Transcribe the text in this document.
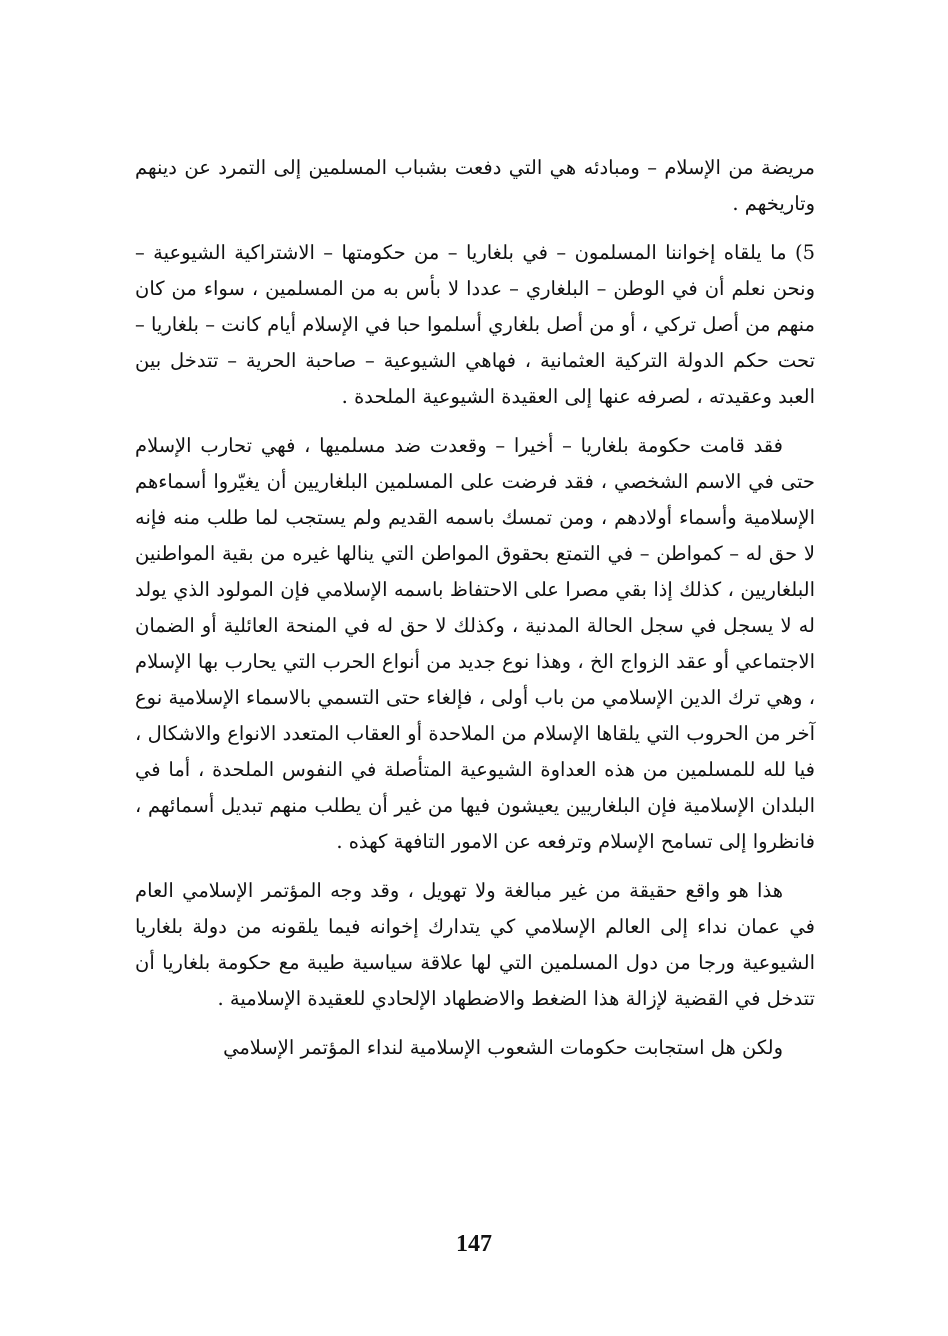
مريضة من الإسلام – ومبادئه هي التي دفعت بشباب المسلمين إلى التمرد عن دينهم وتاريخهم .

5) ما يلقاه إخواننا المسلمون – في بلغاريا – من حكومتها – الاشتراكية الشيوعية – ونحن نعلم أن في الوطن – البلغاري – عددا لا بأس به من المسلمين ، سواء من كان منهم من أصل تركي ، أو من أصل بلغاري أسلموا حبا في الإسلام أيام كانت – بلغاريا – تحت حكم الدولة التركية العثمانية ، فهاهي الشيوعية – صاحبة الحرية – تتدخل بين العبد وعقيدته ، لصرفه عنها إلى العقيدة الشيوعية الملحدة .

فقد قامت حكومة بلغاريا – أخيرا – وقعدت ضد مسلميها ، فهي تحارب الإسلام حتى في الاسم الشخصي ، فقد فرضت على المسلمين البلغاريين أن يغيّروا أسماءهم الإسلامية وأسماء أولادهم ، ومن تمسك باسمه القديم ولم يستجب لما طلب منه فإنه لا حق له – كمواطن – في التمتع بحقوق المواطن التي ينالها غيره من بقية المواطنين البلغاريين ، كذلك إذا بقي مصرا على الاحتفاظ باسمه الإسلامي فإن المولود الذي يولد له لا يسجل في سجل الحالة المدنية ، وكذلك لا حق له في المنحة العائلية أو الضمان الاجتماعي أو عقد الزواج الخ ، وهذا نوع جديد من أنواع الحرب التي يحارب بها الإسلام ، وهي ترك الدين الإسلامي من باب أولى ، فإلغاء حتى التسمي بالاسماء الإسلامية نوع آخر من الحروب التي يلقاها الإسلام من الملاحدة أو العقاب المتعدد الانواع والاشكال ، فيا لله للمسلمين من هذه العداوة الشيوعية المتأصلة في النفوس الملحدة ، أما في البلدان الإسلامية فإن البلغاريين يعيشون فيها من غير أن يطلب منهم تبديل أسمائهم ، فانظروا إلى تسامح الإسلام وترفعه عن الامور التافهة كهذه .

هذا هو واقع حقيقة من غير مبالغة ولا تهويل ، وقد وجه المؤتمر الإسلامي العام في عمان نداء إلى العالم الإسلامي كي يتدارك إخوانه فيما يلقونه من دولة بلغاريا الشيوعية ورجا من دول المسلمين التي لها علاقة سياسية طيبة مع حكومة بلغاريا أن تتدخل في القضية لإزالة هذا الضغط والاضطهاد الإلحادي للعقيدة الإسلامية .

ولكن هل استجابت حكومات الشعوب الإسلامية لنداء المؤتمر الإسلامي

147
